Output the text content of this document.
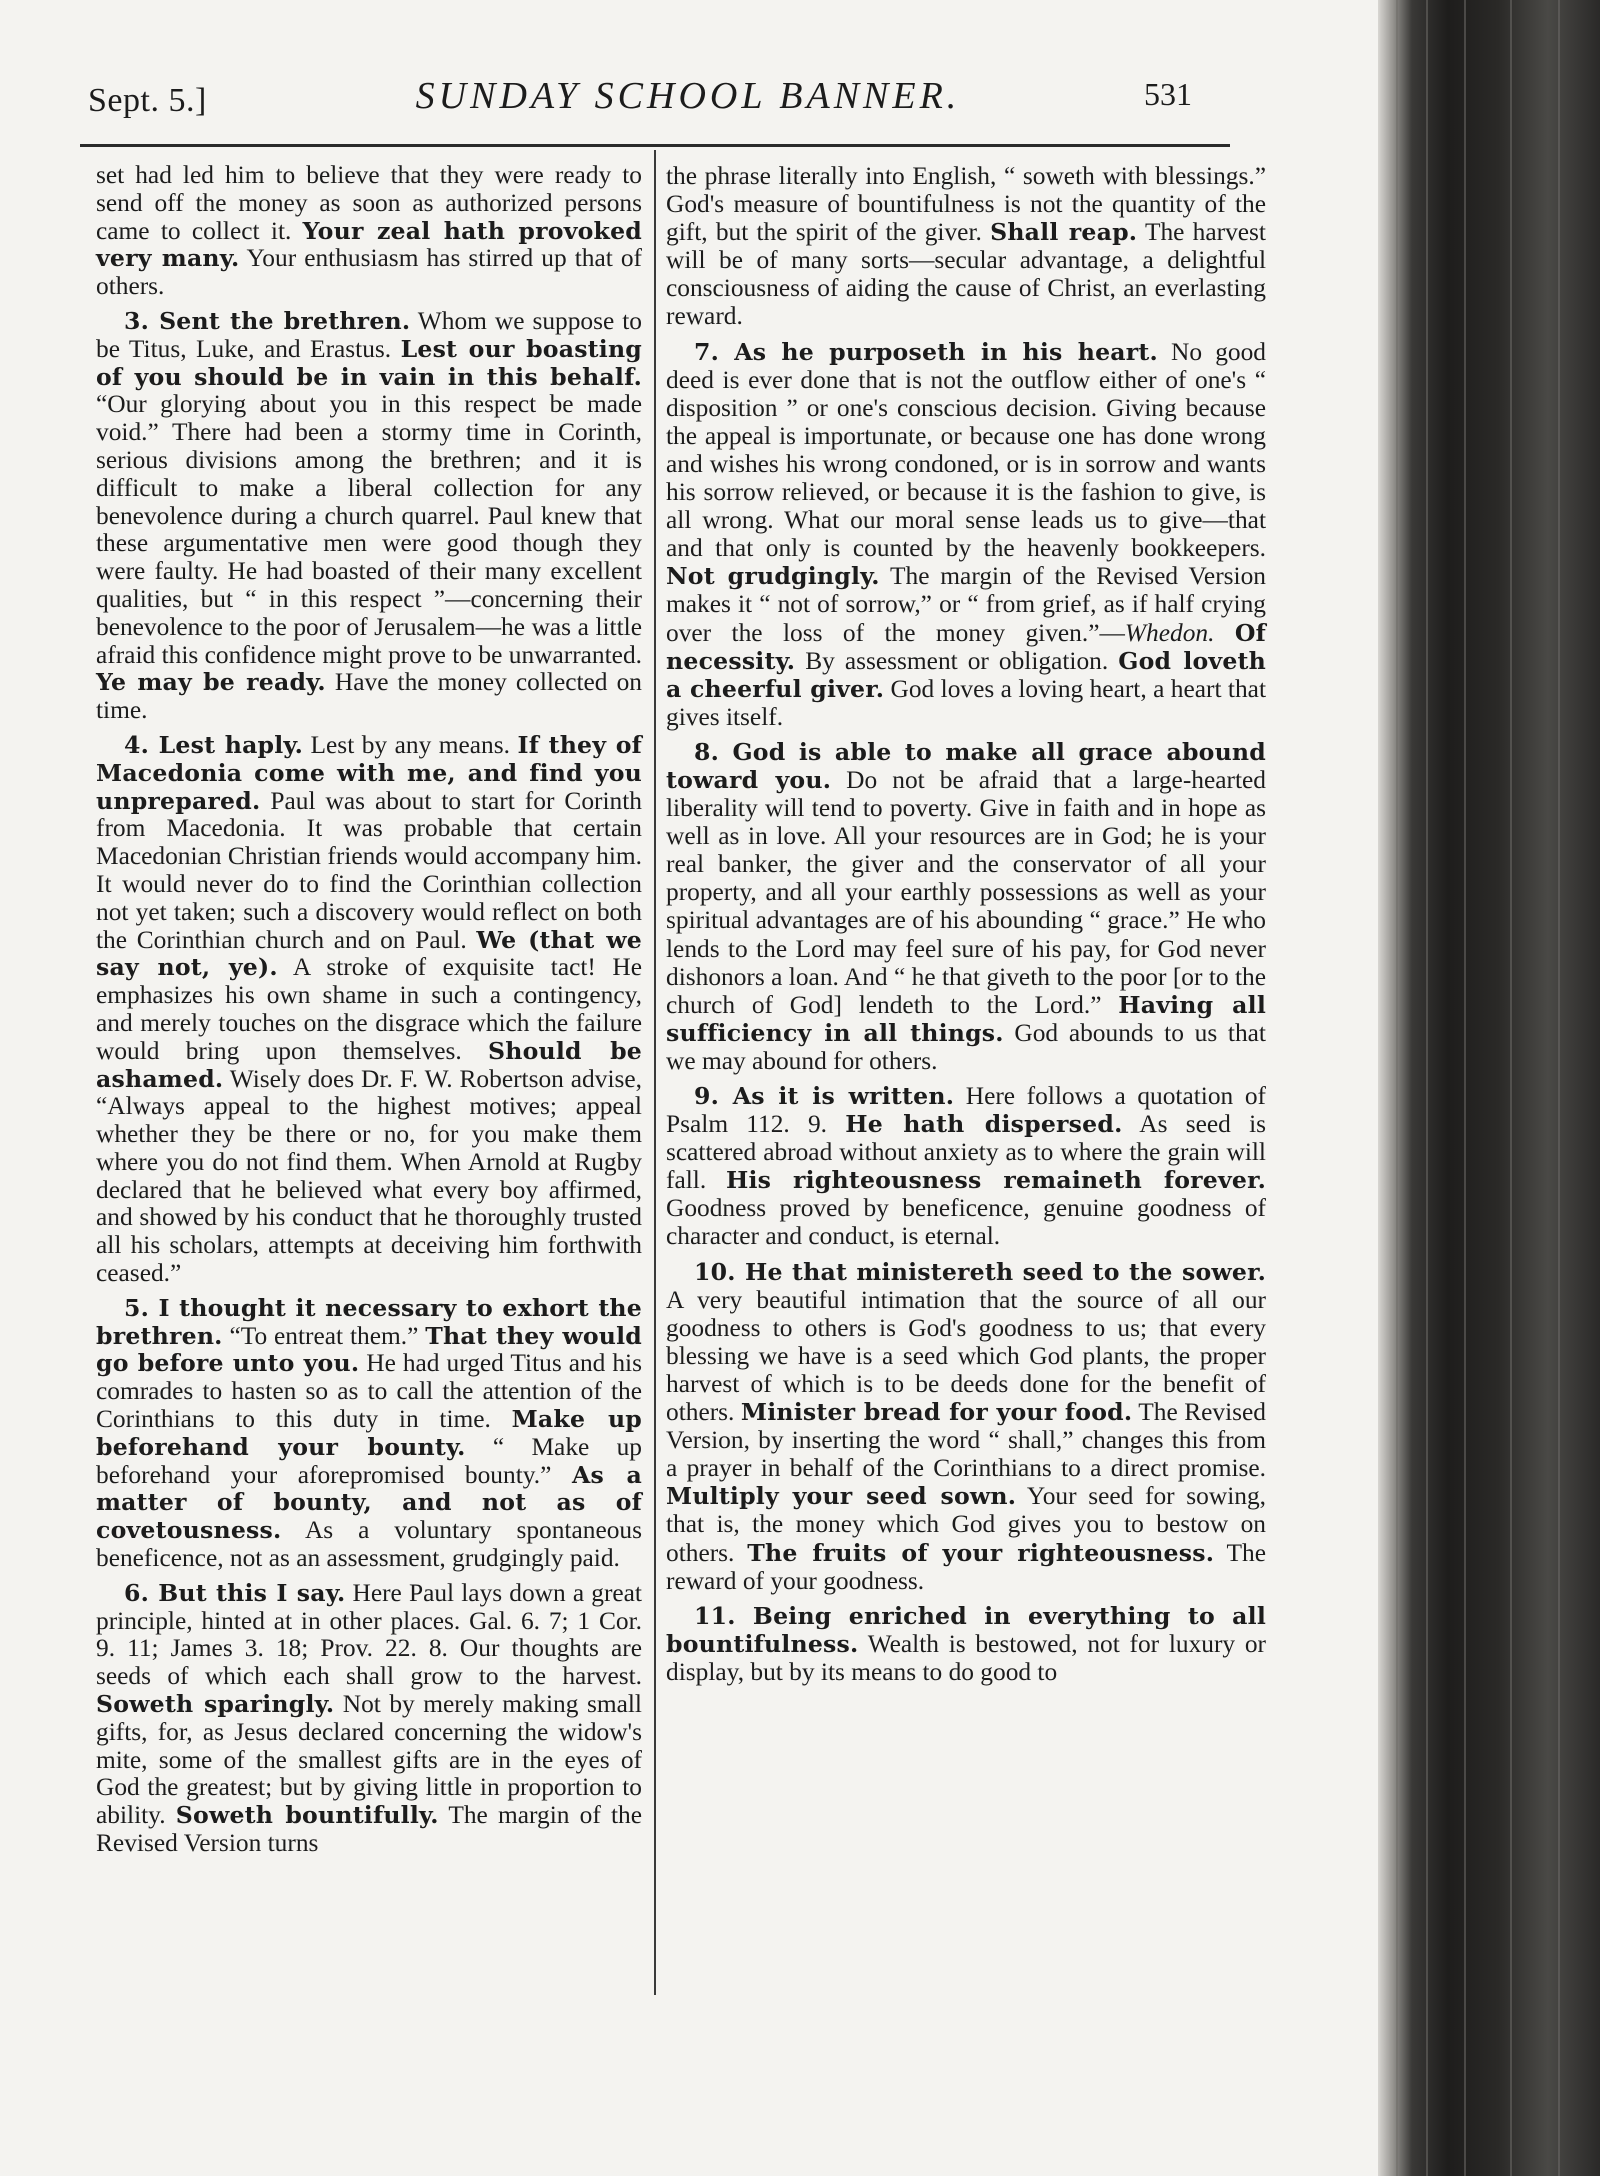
Sept. 5.]	SUNDAY SCHOOL BANNER.	531

set had led him to believe that they were ready to send off the money as soon as authorized persons came to collect it. Your zeal hath provoked very many. Your enthusiasm has stirred up that of others.

3. Sent the brethren. Whom we suppose to be Titus, Luke, and Erastus. Lest our boasting of you should be in vain in this behalf. “Our glorying about you in this respect be made void.” There had been a stormy time in Corinth, serious divisions among the brethren; and it is difficult to make a liberal collection for any benevolence during a church quarrel. Paul knew that these argumentative men were good though they were faulty. He had boasted of their many excellent qualities, but “ in this respect ”—concerning their benevolence to the poor of Jerusalem—he was a little afraid this confidence might prove to be unwarranted. Ye may be ready. Have the money collected on time.

4. Lest haply. Lest by any means. If they of Macedonia come with me, and find you unprepared. Paul was about to start for Corinth from Macedonia. It was probable that certain Macedonian Christian friends would accompany him. It would never do to find the Corinthian collection not yet taken; such a discovery would reflect on both the Corinthian church and on Paul. We (that we say not, ye). A stroke of exquisite tact! He emphasizes his own shame in such a contingency, and merely touches on the disgrace which the failure would bring upon themselves. Should be ashamed. Wisely does Dr. F. W. Robertson advise, “Always appeal to the highest motives; appeal whether they be there or no, for you make them where you do not find them. When Arnold at Rugby declared that he believed what every boy affirmed, and showed by his conduct that he thoroughly trusted all his scholars, attempts at deceiving him forthwith ceased.”

5. I thought it necessary to exhort the brethren. “To entreat them.” That they would go before unto you. He had urged Titus and his comrades to hasten so as to call the attention of the Corinthians to this duty in time. Make up beforehand your bounty. “ Make up beforehand your aforepromised bounty.” As a matter of bounty, and not as of covetousness. As a voluntary spontaneous beneficence, not as an assessment, grudgingly paid.

6. But this I say. Here Paul lays down a great principle, hinted at in other places. Gal. 6. 7; 1 Cor. 9. 11; James 3. 18; Prov. 22. 8. Our thoughts are seeds of which each shall grow to the harvest. Soweth sparingly. Not by merely making small gifts, for, as Jesus declared concerning the widow's mite, some of the smallest gifts are in the eyes of God the greatest; but by giving little in proportion to ability. Soweth bountifully. The margin of the Revised Version turns

the phrase literally into English, “ soweth with blessings.” God's measure of bountifulness is not the quantity of the gift, but the spirit of the giver. Shall reap. The harvest will be of many sorts—secular advantage, a delightful consciousness of aiding the cause of Christ, an everlasting reward.

7. As he purposeth in his heart. No good deed is ever done that is not the outflow either of one's “ disposition ” or one's conscious decision. Giving because the appeal is importunate, or because one has done wrong and wishes his wrong condoned, or is in sorrow and wants his sorrow relieved, or because it is the fashion to give, is all wrong. What our moral sense leads us to give—that and that only is counted by the heavenly bookkeepers. Not grudgingly. The margin of the Revised Version makes it “ not of sorrow,” or “ from grief, as if half crying over the loss of the money given.”—Whedon. Of necessity. By assessment or obligation. God loveth a cheerful giver. God loves a loving heart, a heart that gives itself.

8. God is able to make all grace abound toward you. Do not be afraid that a large-hearted liberality will tend to poverty. Give in faith and in hope as well as in love. All your resources are in God; he is your real banker, the giver and the conservator of all your property, and all your earthly possessions as well as your spiritual advantages are of his abounding “ grace.” He who lends to the Lord may feel sure of his pay, for God never dishonors a loan. And “ he that giveth to the poor [or to the church of God] lendeth to the Lord.” Having all sufficiency in all things. God abounds to us that we may abound for others.

9. As it is written. Here follows a quotation of Psalm 112. 9. He hath dispersed. As seed is scattered abroad without anxiety as to where the grain will fall. His righteousness remaineth forever. Goodness proved by beneficence, genuine goodness of character and conduct, is eternal.

10. He that ministereth seed to the sower. A very beautiful intimation that the source of all our goodness to others is God's goodness to us; that every blessing we have is a seed which God plants, the proper harvest of which is to be deeds done for the benefit of others. Minister bread for your food. The Revised Version, by inserting the word “ shall,” changes this from a prayer in behalf of the Corinthians to a direct promise. Multiply your seed sown. Your seed for sowing, that is, the money which God gives you to bestow on others. The fruits of your righteousness. The reward of your goodness.

11. Being enriched in everything to all bountifulness. Wealth is bestowed, not for luxury or display, but by its means to do good to
